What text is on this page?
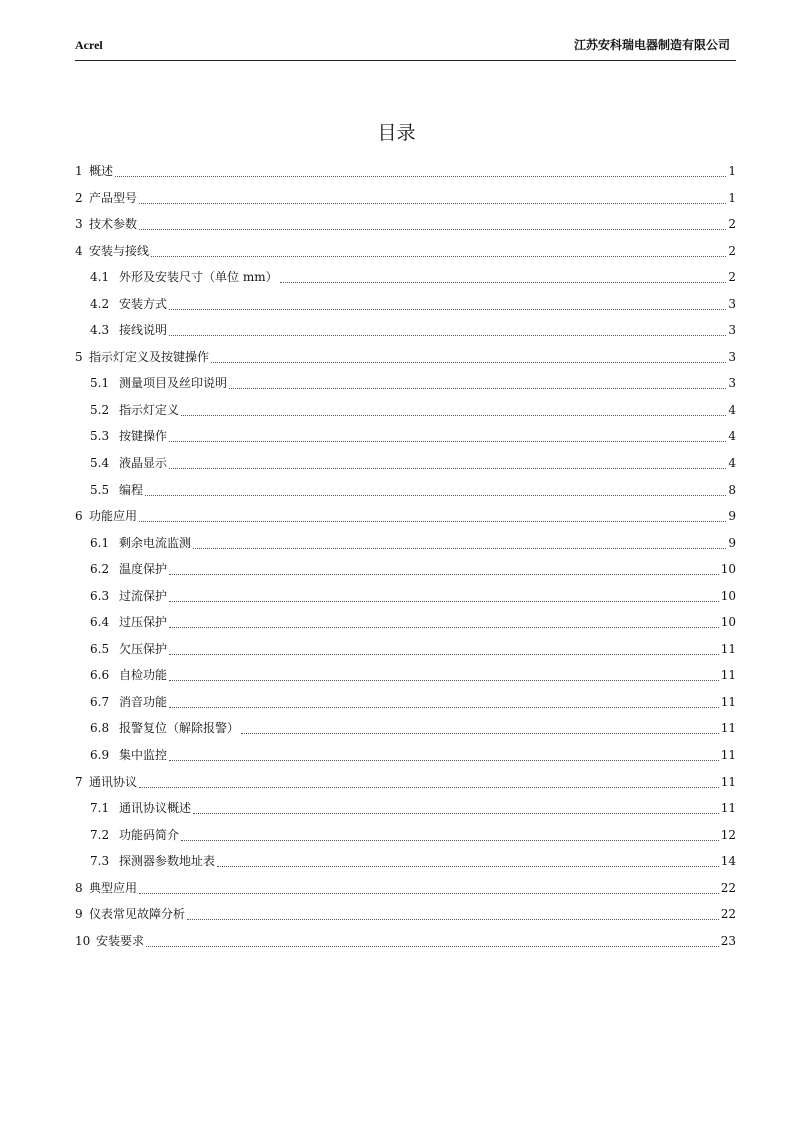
Acrel	江苏安科瑞电器制造有限公司
目录
1 概述	1
2 产品型号	1
3 技术参数	2
4 安装与接线	2
4.1 外形及安装尺寸（单位 mm）	2
4.2 安装方式	3
4.3 接线说明	3
5 指示灯定义及按键操作	3
5.1 测量项目及丝印说明	3
5.2 指示灯定义	4
5.3 按键操作	4
5.4 液晶显示	4
5.5 编程	8
6 功能应用	9
6.1 剩余电流监测	9
6.2 温度保护	10
6.3 过流保护	10
6.4 过压保护	10
6.5 欠压保护	11
6.6 自检功能	11
6.7 消音功能	11
6.8 报警复位（解除报警）	11
6.9 集中监控	11
7 通讯协议	11
7.1 通讯协议概述	11
7.2 功能码简介	12
7.3 探测器参数地址表	14
8 典型应用	22
9 仪表常见故障分析	22
10 安装要求	23
